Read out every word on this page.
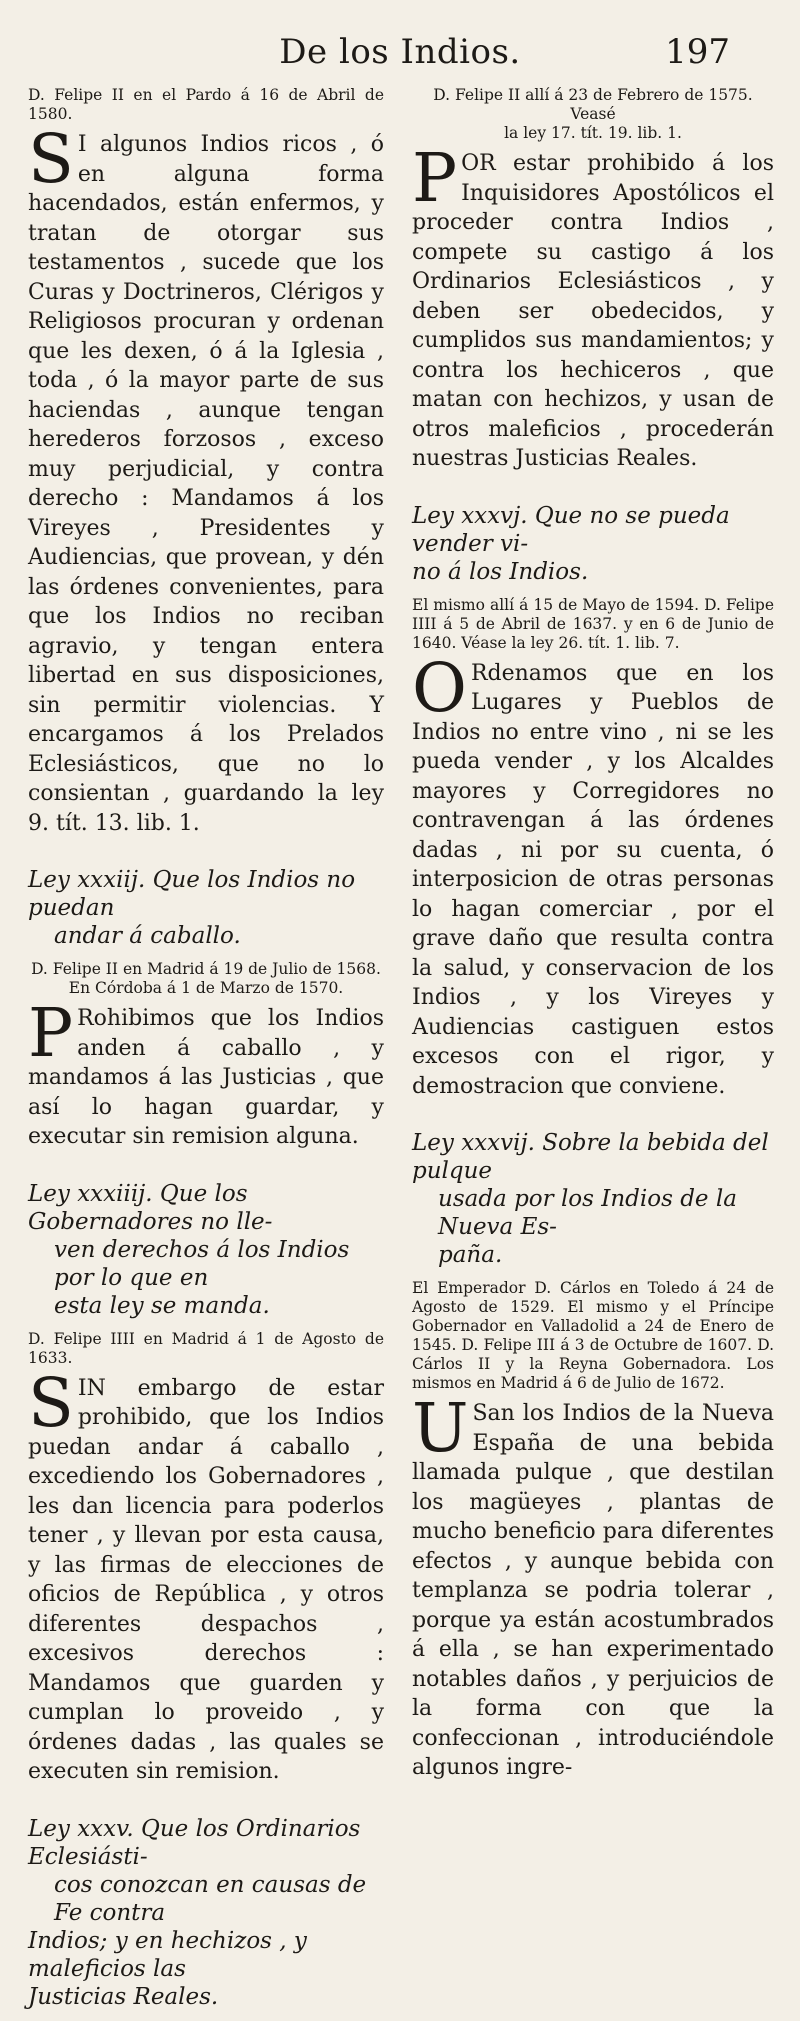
De los Indios.	197

D. Felipe II en el Pardo á 16 de Abril de 1580.

SI algunos Indios ricos , ó en alguna forma hacendados, están enfermos, y tratan de otorgar sus testamentos , sucede que los Curas y Doctrineros, Clérigos y Religiosos procuran y ordenan que les dexen, ó á la Iglesia , toda , ó la mayor parte de sus haciendas , aunque tengan herederos forzosos , exceso muy perjudicial, y contra derecho : Mandamos á los Vireyes , Presidentes y Audiencias, que provean, y dén las órdenes convenientes, para que los Indios no reciban agravio, y tengan entera libertad en sus disposiciones, sin permitir violencias. Y encargamos á los Prelados Eclesiásticos, que no lo consientan , guardando la ley 9. tít. 13. lib. 1.

Ley xxxiij. Que los Indios no puedan
andar á caballo.

D. Felipe II en Madrid á 19 de Julio de 1568. En Córdoba á 1 de Marzo de 1570.

PRohibimos que los Indios anden á caballo , y mandamos á las Justicias , que así lo hagan guardar, y executar sin remision alguna.

Ley xxxiiij. Que los Gobernadores no lle-
ven derechos á los Indios por lo que en
esta ley se manda.

D. Felipe IIII en Madrid á 1 de Agosto de 1633.

SIN embargo de estar prohibido, que los Indios puedan andar á caballo , excediendo los Gobernadores , les dan licencia para poderlos tener , y llevan por esta causa, y las firmas de elecciones de oficios de República , y otros diferentes despachos , excesivos derechos : Mandamos que guarden y cumplan lo proveido , y órdenes dadas , las quales se executen sin remision.

Ley xxxv. Que los Ordinarios Eclesiásti-
cos conozcan en causas de Fe contra
Indios; y en hechizos , y maleficios las
Justicias Reales.
D. Felipe II allí á 23 de Febrero de 1575. Veasé
la ley 17. tít. 19. lib. 1.

POR estar prohibido á los Inquisidores Apostólicos el proceder contra Indios , compete su castigo á los Ordinarios Eclesiásticos , y deben ser obedecidos, y cumplidos sus mandamientos; y contra los hechiceros , que matan con hechizos, y usan de otros maleficios , procederán nuestras Justicias Reales.

Ley xxxvj. Que no se pueda vender vi-
no á los Indios.

El mismo allí á 15 de Mayo de 1594. D. Felipe IIII á 5 de Abril de 1637. y en 6 de Junio de 1640. Véase la ley 26. tít. 1. lib. 7.

ORdenamos que en los Lugares y Pueblos de Indios no entre vino , ni se les pueda vender , y los Alcaldes mayores y Corregidores no contravengan á las órdenes dadas , ni por su cuenta, ó interposicion de otras personas lo hagan comerciar , por el grave daño que resulta contra la salud, y conservacion de los Indios , y los Vireyes y Audiencias castiguen estos excesos con el rigor, y demostracion que conviene.

Ley xxxvij. Sobre la bebida del pulque
usada por los Indios de la Nueva Es-
paña.

El Emperador D. Cárlos en Toledo á 24 de Agosto de 1529. El mismo y el Príncipe Gobernador en Valladolid a 24 de Enero de 1545. D. Felipe III á 3 de Octubre de 1607. D. Cárlos II y la Reyna Gobernadora. Los mismos en Madrid á 6 de Julio de 1672.

USan los Indios de la Nueva España de una bebida llamada pulque , que destilan los magüeyes , plantas de mucho beneficio para diferentes efectos , y aunque bebida con templanza se podria tolerar , porque ya están acostumbrados á ella , se han experimentado notables daños , y perjuicios de la forma con que la confeccionan , introduciéndole algunos ingre-
